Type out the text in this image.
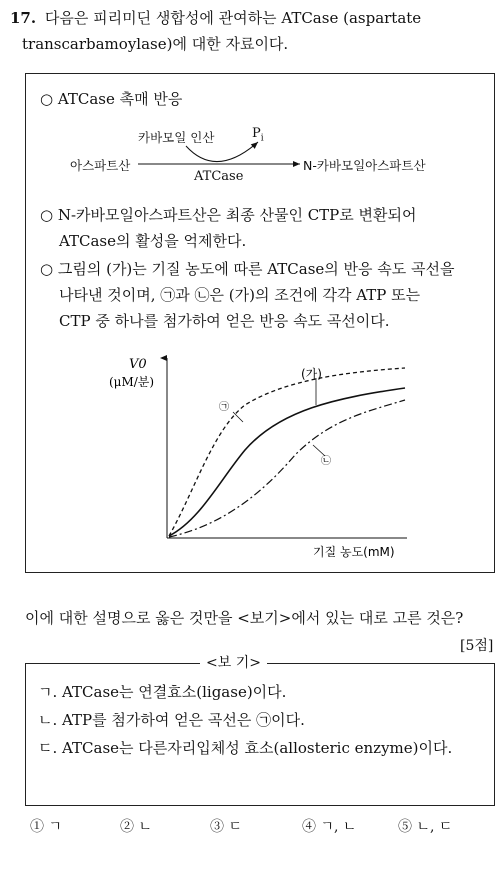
17. 다음은 피리미딘 생합성에 관여하는 ATCase (aspartate
transcarbamoylase)에 대한 자료이다.
○ ATCase 촉매 반응
카바모일 인산	$P_i$
아스파트산
ATCase
N-카바모일아스파트산
○ N-카바모일아스파트산은 최종 산물인 CTP로 변환되어
ATCase의 활성을 억제한다.
○ 그림의 (가)는 기질 농도에 따른 ATCase의 반응 속도 곡선을
나타낸 것이며, ㉠과 ㉡은 (가)의 조건에 각각 ATP 또는
CTP 중 하나를 첨가하여 얻은 반응 속도 곡선이다.
V0
(μM/분)
(가)
㉠
㉡
기질 농도(mM)
이에 대한 설명으로 옳은 것만을 <보기>에서 있는 대로 고른 것은?
[5점]
ㄱ. ATCase는 연결효소(ligase)이다.
ㄴ. ATP를 첨가하여 얻은 곡선은 ㉠이다.
ㄷ. ATCase는 다른자리입체성 효소(allosteric enzyme)이다.
<보 기>
① ㄱ	② ㄴ	③ ㄷ	④ ㄱ, ㄴ	⑤ ㄴ, ㄷ
